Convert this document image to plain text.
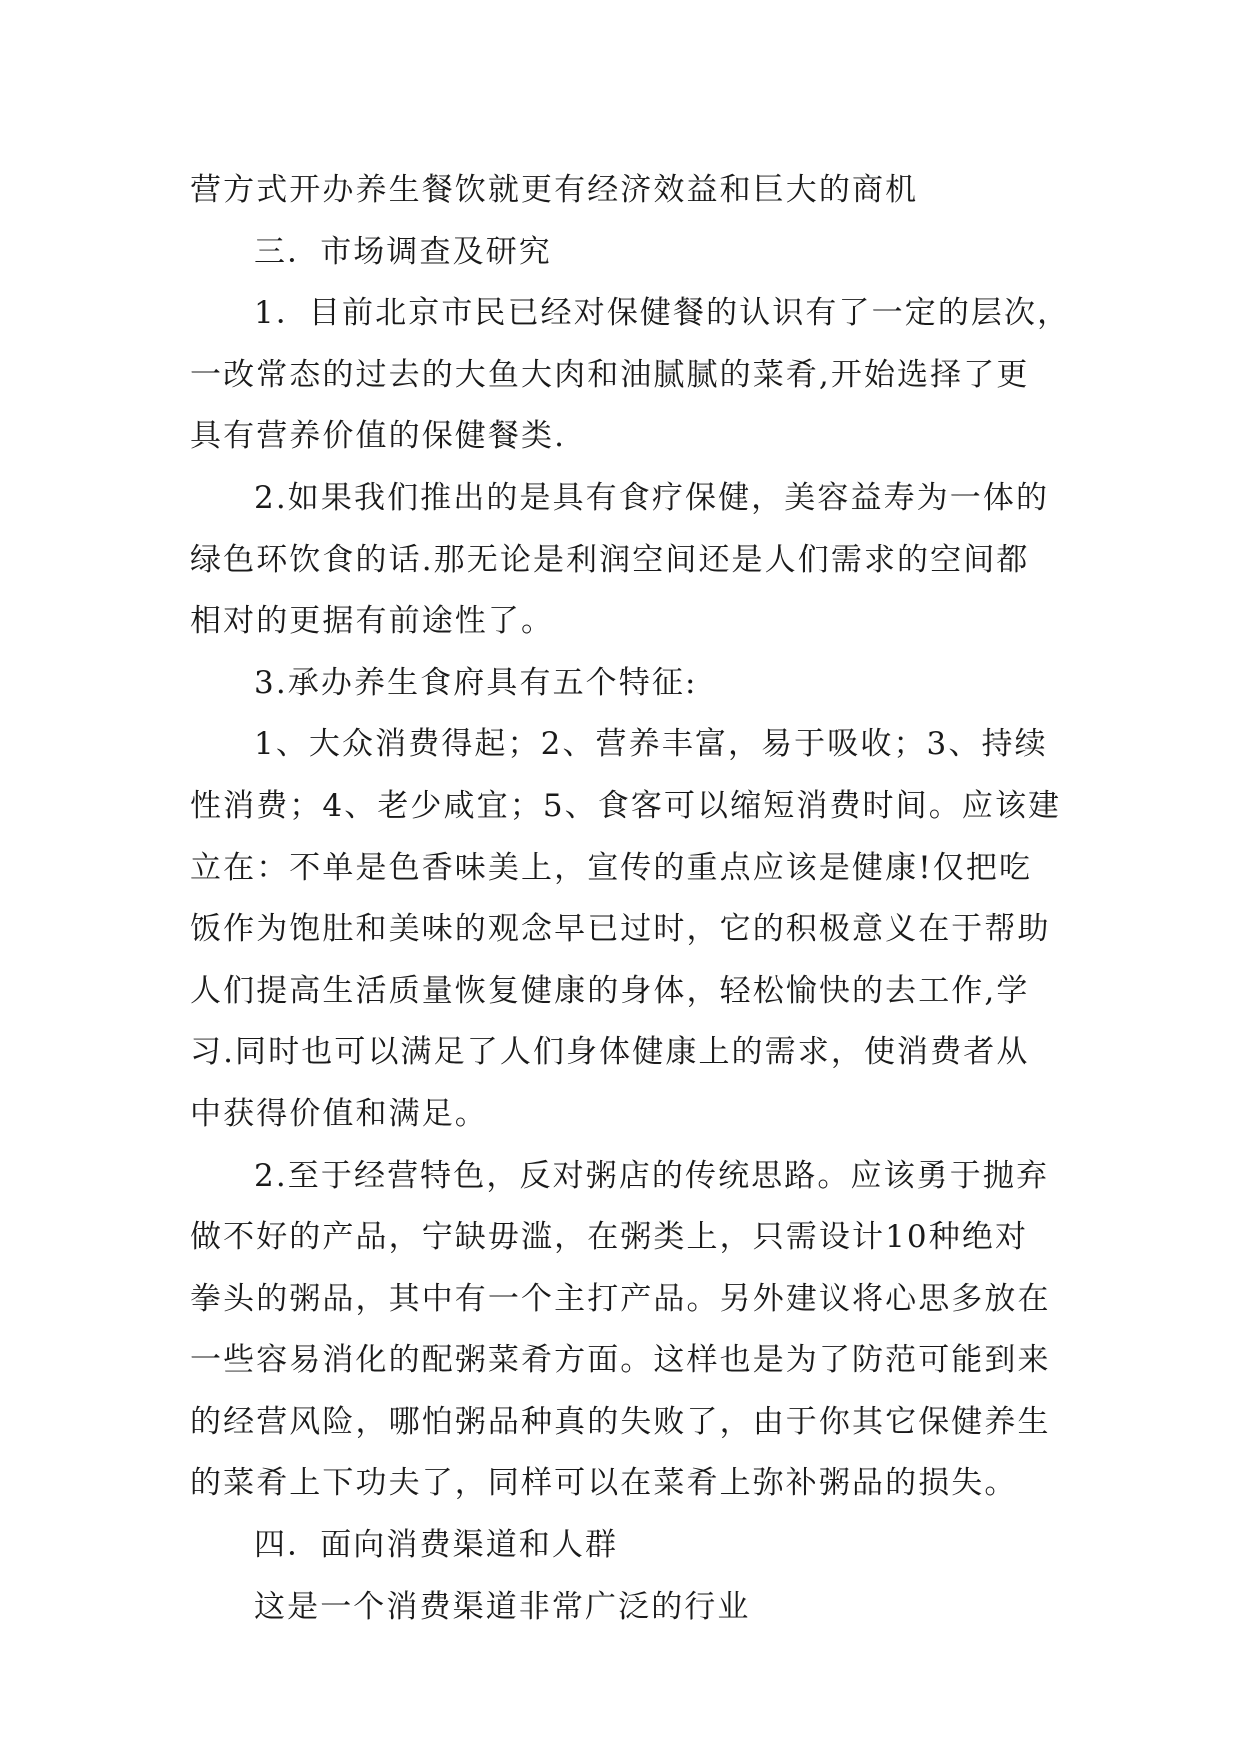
营方式开办养生餐饮就更有经济效益和巨大的商机
三．市场调查及研究
1．目前北京市民已经对保健餐的认识有了一定的层次，
一改常态的过去的大鱼大肉和油腻腻的菜肴,开始选择了更
具有营养价值的保健餐类.
2.如果我们推出的是具有食疗保健，美容益寿为一体的
绿色环饮食的话.那无论是利润空间还是人们需求的空间都
相对的更据有前途性了。
3.承办养生食府具有五个特征:
1、大众消费得起；2、营养丰富，易于吸收；3、持续
性消费；4、老少咸宜；5、食客可以缩短消费时间。应该建
立在：不单是色香味美上，宣传的重点应该是健康!仅把吃
饭作为饱肚和美味的观念早已过时，它的积极意义在于帮助
人们提高生活质量恢复健康的身体，轻松愉快的去工作,学
习.同时也可以满足了人们身体健康上的需求，使消费者从
中获得价值和满足。
2.至于经营特色，反对粥店的传统思路。应该勇于抛弃
做不好的产品，宁缺毋滥，在粥类上，只需设计10种绝对
拳头的粥品，其中有一个主打产品。另外建议将心思多放在
一些容易消化的配粥菜肴方面。这样也是为了防范可能到来
的经营风险，哪怕粥品种真的失败了，由于你其它保健养生
的菜肴上下功夫了，同样可以在菜肴上弥补粥品的损失。
四．面向消费渠道和人群
这是一个消费渠道非常广泛的行业
